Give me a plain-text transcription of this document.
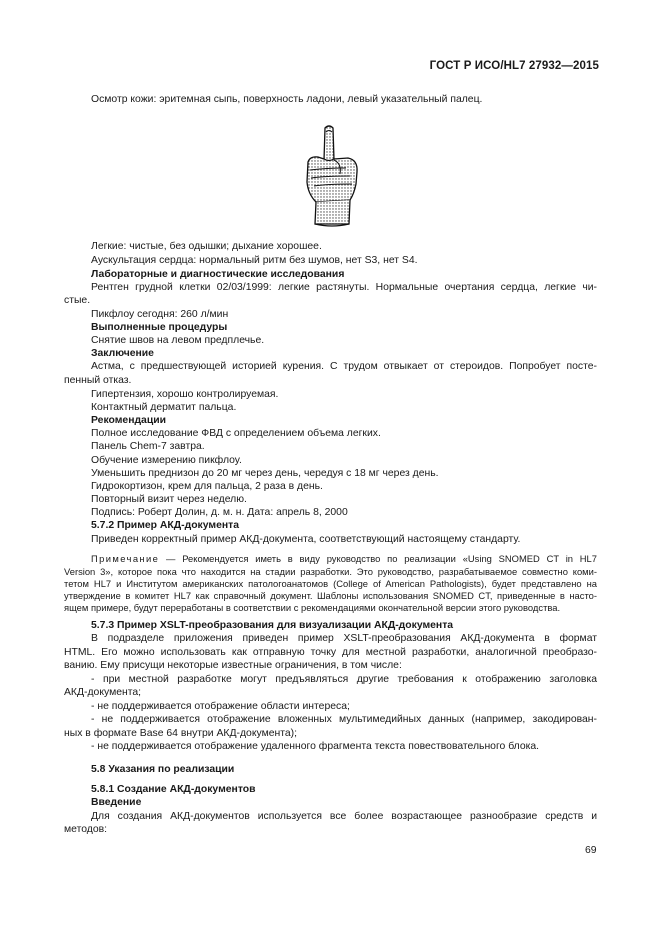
ГОСТ Р ИСО/HL7 27932—2015
Осмотр кожи: эритемная сыпь, поверхность ладони, левый указательный палец.
Легкие: чистые, без одышки; дыхание хорошее.
Аускультация сердца: нормальный ритм без шумов, нет S3, нет S4.
Лабораторные и диагностические исследования
Рентген грудной клетки 02/03/1999: легкие растянуты. Нормальные очертания сердца, легкие чи-
стые.
Пикфлоу сегодня: 260 л/мин
Выполненные процедуры
Снятие швов на левом предплечье.
Заключение
Астма, с предшествующей историей курения. С трудом отвыкает от стероидов. Попробует посте-
пенный отказ.
Гипертензия, хорошо контролируемая.
Контактный дерматит пальца.
Рекомендации
Полное исследование ФВД с определением объема легких.
Панель Chem-7 завтра.
Обучение измерению пикфлоу.
Уменьшить преднизон до 20 мг через день, чередуя с 18 мг через день.
Гидрокортизон, крем для пальца, 2 раза в день.
Повторный визит через неделю.
Подпись: Роберт Долин, д. м. н. Дата: апрель 8, 2000
5.7.2 Пример АКД-документа
Приведен корректный пример АКД-документа, соответствующий настоящему стандарту.
Примечание — Рекомендуется иметь в виду руководство по реализации «Using SNOMED CT in HL7
Version 3», которое пока что находится на стадии разработки. Это руководство, разрабатываемое совместно коми-
тетом HL7 и Институтом американских патологоанатомов (College of American Pathologists), будет представлено на
утверждение в комитет HL7 как справочный документ. Шаблоны использования SNOMED CT, приведенные в насто-
ящем примере, будут переработаны в соответствии с рекомендациями окончательной версии этого руководства.
5.7.3 Пример XSLT-преобразования для визуализации АКД-документа
В подразделе приложения приведен пример XSLT-преобразования АКД-документа в формат
HTML. Его можно использовать как отправную точку для местной разработки, аналогичной преобразо-
ванию. Ему присущи некоторые известные ограничения, в том числе:
- при местной разработке могут предъявляться другие требования к отображению заголовка
АКД-документа;
- не поддерживается отображение области интереса;
- не поддерживается отображение вложенных мультимедийных данных (например, закодирован-
ных в формате Base 64 внутри АКД-документа);
- не поддерживается отображение удаленного фрагмента текста повествовательного блока.
5.8 Указания по реализации
5.8.1 Создание АКД-документов
Введение
Для создания АКД-документов используется все более возрастающее разнообразие средств и
методов:
69
